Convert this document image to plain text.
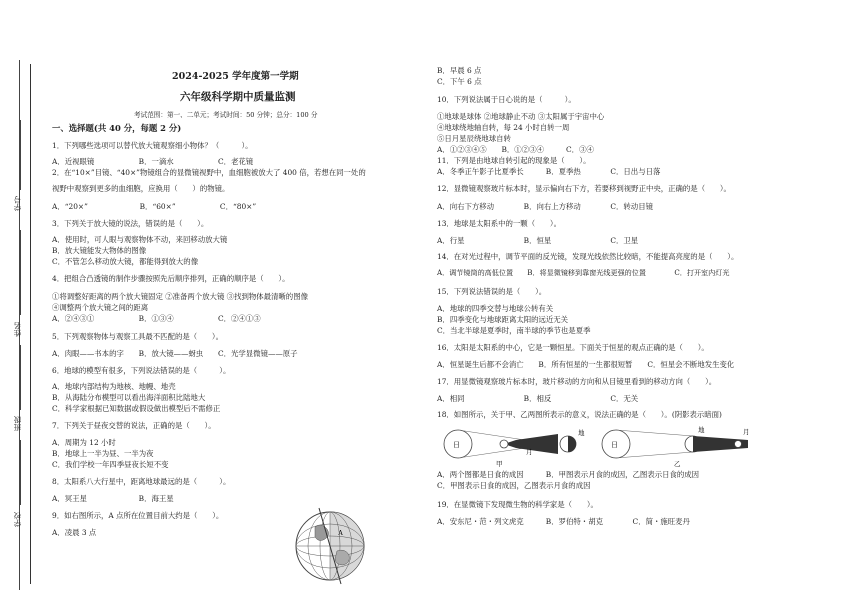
学号
姓名
班级
学校
2024-2025 学年度第一学期
六年级科学期中质量监测
考试范围：第一、二单元；考试时间：50 分钟；总分：100 分
一、选择题(共 40 分，每题 2 分)
1．下列哪些选项可以替代放大镜观察细小物体？（　　　）。
A．近视眼镜　　　　　　B．一滴水　　　　　　C．老花镜
2．在“10×”目镜、“40×”物镜组合的显微镜视野中，血细胞被放大了 400 倍，若想在同一处的
视野中观察到更多的血细胞，应换用（　　）的物镜。
A．“20×”　　　　　　　B．“60×”　　　　　　C．“80×”
3．下列关于放大镜的说法，错误的是（　　）。
A．使用时，可人眼与观察物体不动，来回移动放大镜
B．放大镜能发大物体的图像
C．不管怎么移动放大镜，都能得到放大的像
4．把组合凸透镜的制作步骤按照先后顺序排列，正确的顺序是（　　）。
①将调整好距离的两个放大镜固定 ②准备两个放大镜 ③找到物体最清晰的图像
④调整两个放大镜之间的距离
A．②④③①　　　　　　B．①③④　　　　　　C．②④①③
5．下列观察物体与观察工具最不匹配的是（　　）。
A．肉眼——书本的字　　B．放大镜——蚜虫　　C．光学显微镜——原子
6．地球的模型有很多，下列说法错误的是（　　　）。
A．地球内部结构为地核、地幔、地壳
B．从海陆分布模型可以看出海洋面积比陆地大
C．科学家根据已知数据或假设做出模型后不需修正
7．下列关于昼夜交替的说法，正确的是（　　）。
A．周期为 12 小时
B．地球上一半为昼、一半为夜
C．我们学校一年四季昼夜长短不变
8．太阳系八大行星中，距离地球最远的是（　　　）。
A．冥王星　　　　　　　B．海王星
9．如右图所示，A 点所在位置目前大约是（　　）。
A．凌晨 3 点	A
B．早晨 6 点
C．下午 6 点
10．下列说法属于日心说的是（　　　）。
①地球是球体 ②地球静止不动 ③太阳属于宇宙中心
④地球绕地轴自转，每 24 小时自转一周
⑤日月星辰绕地球自转
A．①②③④⑤　　B．①②③④　　　C．③④
11．下列是由地球自转引起的现象是（　　）。
A．冬季正午影子比夏季长　　　B．夏季热　　　　C．日出与日落
12．显微镜观察玻片标本时，显示偏向右下方，若要移到视野正中央，正确的是（　　）。
A．向右下方移动　　　　B．向右上方移动　　　　C．转动目镜
13．地球是太阳系中的一颗（　　）。
A．行星　　　　　　　　B．恒星　　　　　　　　C．卫星
14．在对光过程中，调节平面的反光镜，发现光线依然比较暗，不能提高亮度的是（　　）。
A．调节镜筒的高低位置　　B．将显微镜移到靠窗光线更强的位置　　　　C．打开室内灯光
15．下列说法错误的是（　　）。
A．地球的四季交替与地球公转有关
B．四季变化与地球距离太阳的远近无关
C．当北半球是夏季时，南半球的季节也是夏季
16．太阳是太阳系的中心，它是一颗恒星。下面关于恒星的观点正确的是（　　）。
A．恒星诞生后都不会消亡　　B．所有恒星的一生都很短暂　　C．恒星会不断地发生变化
17．用显微镜观察玻片标本时，玻片移动的方向和从目镜里看到的移动方向（　　）。
A．相同　　　　　　　　B．相反　　　　　　　　C．无关
18．如图所示，关于甲、乙两图所表示的意义，说法正确的是（　　）。(阴影表示暗面)
A．两个图都是日食的成因　　　B．甲图表示月食的成因，乙图表示日食的成因
C．甲图表示日食的成因，乙图表示月食的成因
19．在显微镜下发现微生物的科学家是（　　）。
A．安东尼・范・列文虎克　　　B．罗伯特・胡克　　　　C．简・施旺麦丹
日
月
地
甲
日
地	月
乙
